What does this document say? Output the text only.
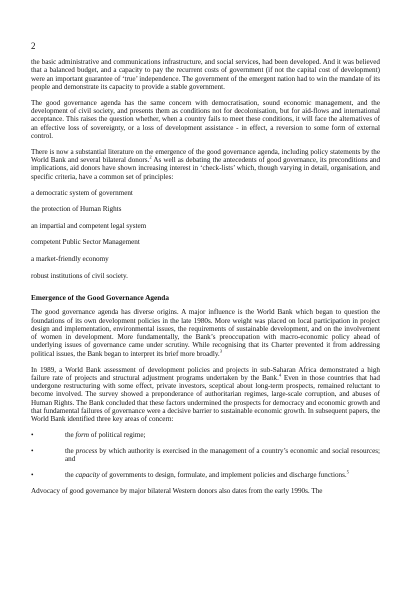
2

the basic administrative and communications infrastructure, and social services, had been developed. And it was believed that a balanced budget, and a capacity to pay the recurrent costs of government (if not the capital cost of development) were an important guarantee of ‘true’ independence. The government of the emergent nation had to win the mandate of its people and demonstrate its capacity to provide a stable government.

The good governance agenda has the same concern with democratisation, sound economic management, and the development of civil society, and presents them as conditions not for decolonisation, but for aid-flows and international acceptance. This raises the question whether, when a country fails to meet these conditions, it will face the alternatives of an effective loss of sovereignty, or a loss of development assistance - in effect, a reversion to some form of external control.

There is now a substantial literature on the emergence of the good governance agenda, including policy statements by the World Bank and several bilateral donors.$^2$ As well as debating the antecedents of good governance, its preconditions and implications, aid donors have shown increasing interest in ‘check-lists’ which, though varying in detail, organisation, and specific criteria, have a common set of principles:

a democratic system of government

the protection of Human Rights

an impartial and competent legal system

competent Public Sector Management

a market-friendly economy

robust institutions of civil society.

Emergence of the Good Governance Agenda

The good governance agenda has diverse origins. A major influence is the World Bank which began to question the foundations of its own development policies in the late 1980s. More weight was placed on local participation in project design and implementation, environmental issues, the requirements of sustainable development, and on the involvement of women in development. More fundamentally, the Bank’s preoccupation with macro-economic policy ahead of underlying issues of governance came under scrutiny. While recognising that its Charter prevented it from addressing political issues, the Bank began to interpret its brief more broadly.$^3$

In 1989, a World Bank assessment of development policies and projects in sub-Saharan Africa demonstrated a high failure rate of projects and structural adjustment programs undertaken by the Bank.$^4$ Even in those countries that had undergone restructuring with some effect, private investors, sceptical about long-term prospects, remained reluctant to become involved. The survey showed a preponderance of authoritarian regimes, large-scale corruption, and abuses of Human Rights. The Bank concluded that these factors undermined the prospects for democracy and economic growth and that fundamental failures of governance were a decisive barrier to sustainable economic growth. In subsequent papers, the World Bank identified three key areas of concern:

•	the form of political regime;
•	the process by which authority is exercised in the management of a country’s economic and social resources; and
•	the capacity of governments to design, formulate, and implement policies and discharge functions.$^5$

Advocacy of good governance by major bilateral Western donors also dates from the early 1990s. The
